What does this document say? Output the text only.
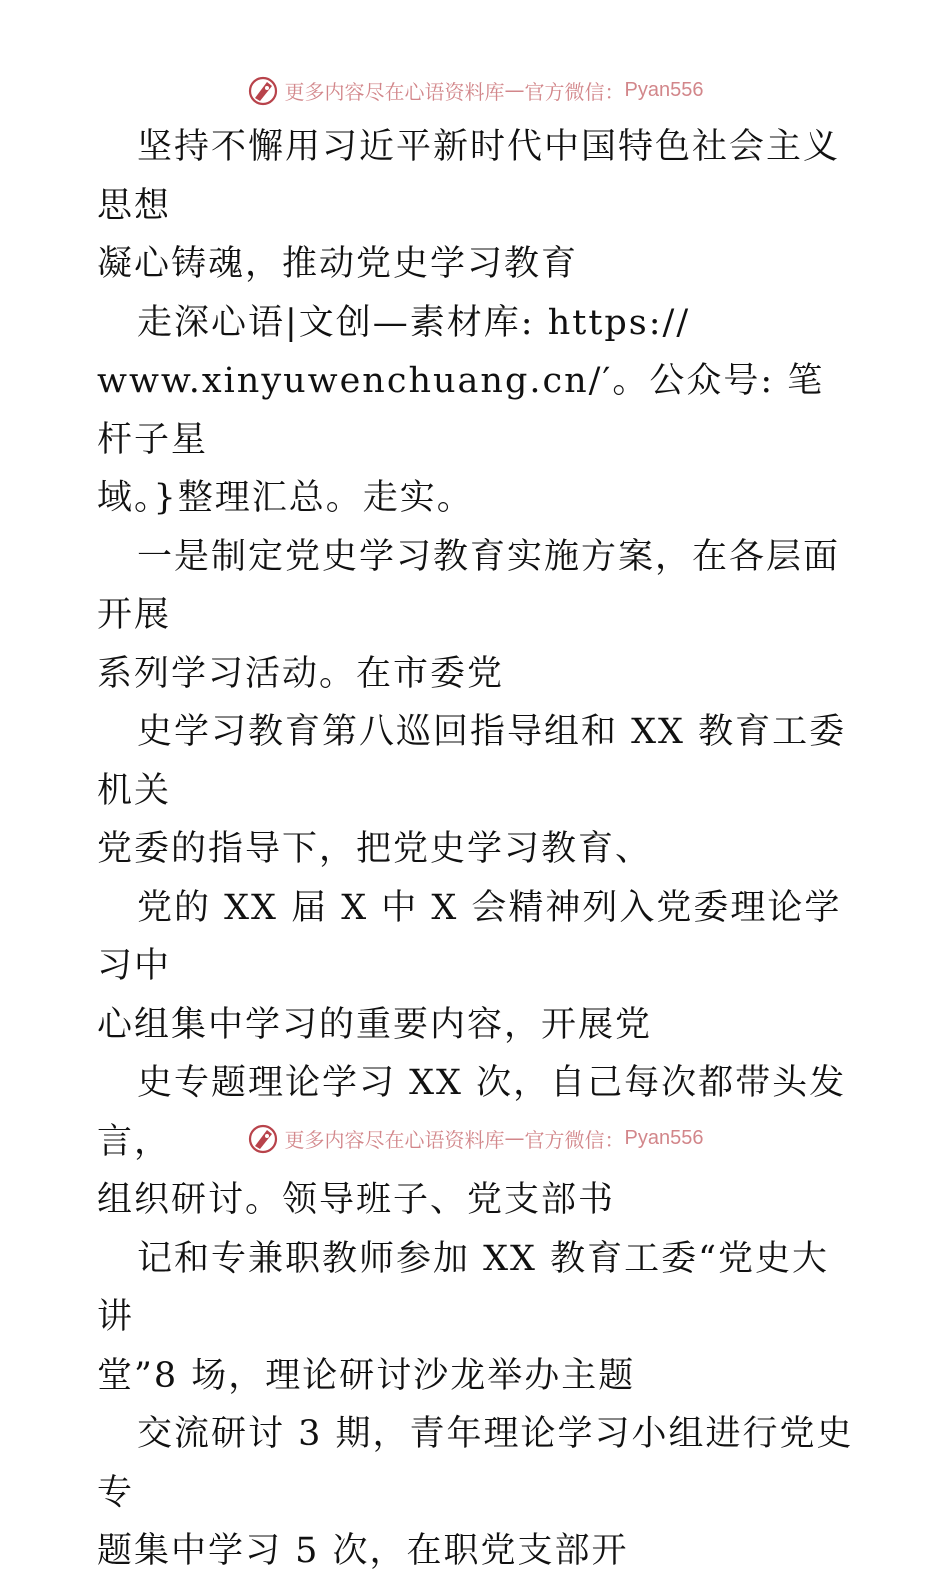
更多内容尽在心语资料库 — 官方微信： Pyan556

坚持不懈用习近平新时代中国特色社会主义思想
凝心铸魂，推动党史学习教育

走深心语|文创—素材库: https://
www.xinyuwenchuang.cn/′。公众号: 笔杆子星
域。}整理汇总。走实。

一是制定党史学习教育实施方案，在各层面开展
系列学习活动。在市委党

史学习教育第八巡回指导组和 XX 教育工委机关
党委的指导下，把党史学习教育、

党的 XX 届 X 中 X 会精神列入党委理论学习中
心组集中学习的重要内容，开展党

史专题理论学习 XX 次，自己每次都带头发言，
组织研讨。领导班子、党支部书

记和专兼职教师参加 XX 教育工委“党史大讲
堂”8 场，理论研讨沙龙举办主题

交流研讨 3 期，青年理论学习小组进行党史专
题集中学习 5 次，在职党支部开

更多内容尽在心语资料库 — 官方微信： Pyan556
